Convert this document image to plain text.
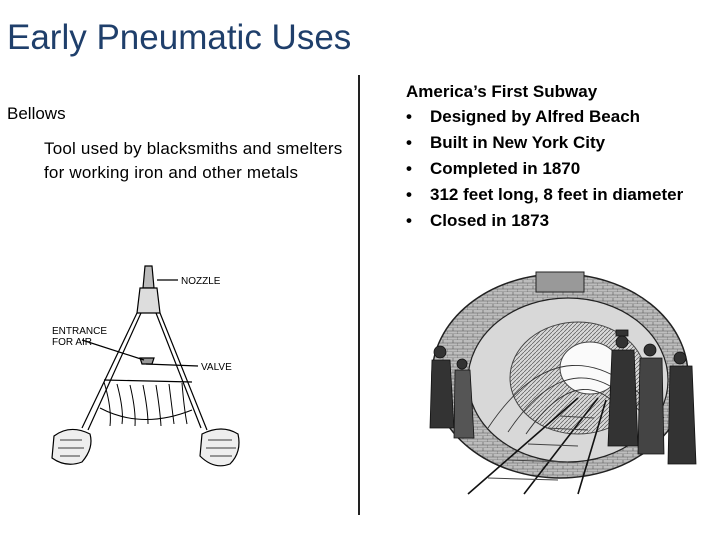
Early Pneumatic Uses
Bellows
Tool used by blacksmiths and smelters for working iron and other metals
America’s First Subway
•	Designed by Alfred Beach
•	Built in New York City
•	Completed in 1870
•	312 feet long, 8 feet in diameter
•	Closed in 1873
NOZZLE
ENTRANCE
FOR AIR
VALVE
